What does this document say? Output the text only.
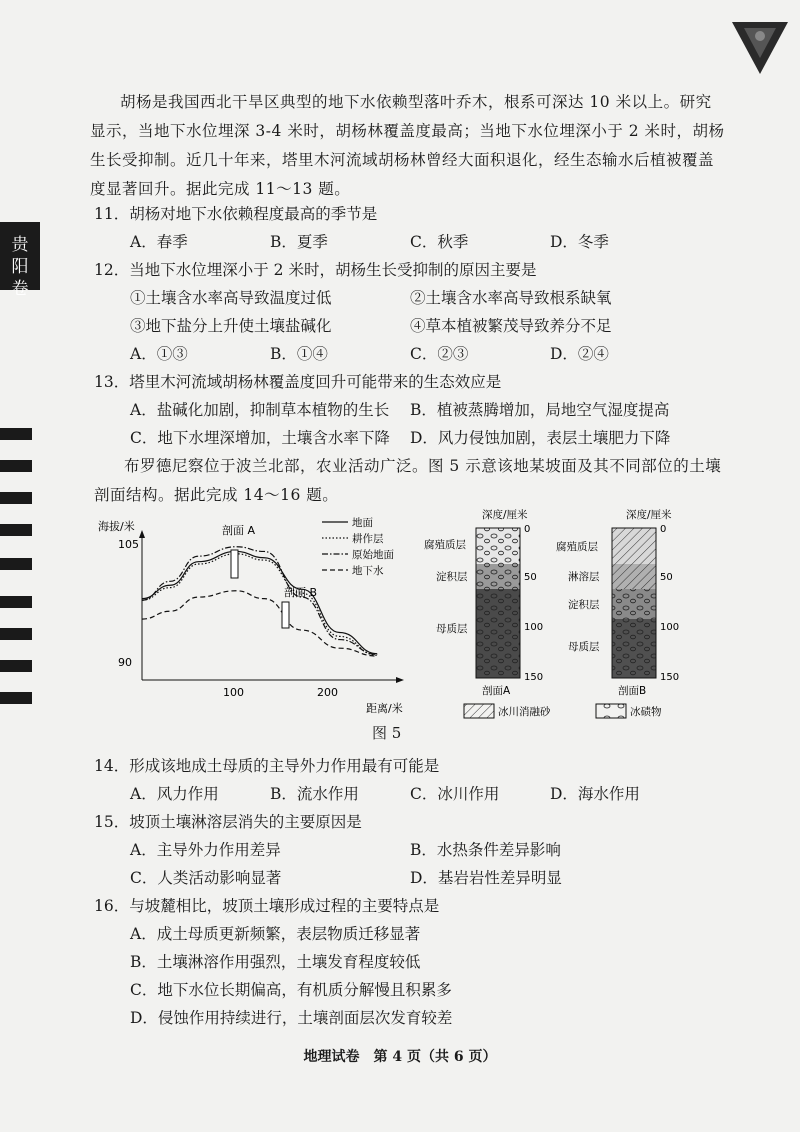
贵阳卷
胡杨是我国西北干旱区典型的地下水依赖型落叶乔木，根系可深达 10 米以上。研究
显示，当地下水位埋深 3-4 米时，胡杨林覆盖度最高；当地下水位埋深小于 2 米时，胡杨
生长受抑制。近几十年来，塔里木河流域胡杨林曾经大面积退化，经生态输水后植被覆盖
度显著回升。据此完成 11～13 题。
11．胡杨对地下水依赖程度最高的季节是
A．春季	B．夏季	C．秋季	D．冬季
12．当地下水位埋深小于 2 米时，胡杨生长受抑制的原因主要是
①土壤含水率高导致温度过低	②土壤含水率高导致根系缺氧
③地下盐分上升使土壤盐碱化	④草本植被繁茂导致养分不足
A．①③	B．①④	C．②③	D．②④
13．塔里木河流域胡杨林覆盖度回升可能带来的生态效应是
A．盐碱化加剧，抑制草本植物的生长 B．植被蒸腾增加，局地空气湿度提高
C．地下水埋深增加，土壤含水率下降 D．风力侵蚀加剧，表层土壤肥力下降
布罗德尼察位于波兰北部，农业活动广泛。图 5 示意该地某坡面及其不同部位的土壤
剖面结构。据此完成 14～16 题。
海拔/米
105
90
100	200
距离/米
剖面 A
剖面 B
地面
耕作层
原始地面
地下水
深度/厘米
腐殖质层
淀积层
母质层
0
50
100
150
剖面A
深度/厘米
腐殖质层
淋溶层
淀积层
母质层
0
50
100
150
剖面B
冰川消融砂	冰碛物
图 5
14．形成该地成土母质的主导外力作用最有可能是
A．风力作用	B．流水作用	C．冰川作用	D．海水作用
15．坡顶土壤淋溶层消失的主要原因是
A．主导外力作用差异	B．水热条件差异影响
C．人类活动影响显著	D．基岩岩性差异明显
16．与坡麓相比，坡顶土壤形成过程的主要特点是
A．成土母质更新频繁，表层物质迁移显著
B．土壤淋溶作用强烈，土壤发育程度较低
C．地下水位长期偏高，有机质分解慢且积累多
D．侵蚀作用持续进行，土壤剖面层次发育较差
地理试卷　第 4 页（共 6 页）
